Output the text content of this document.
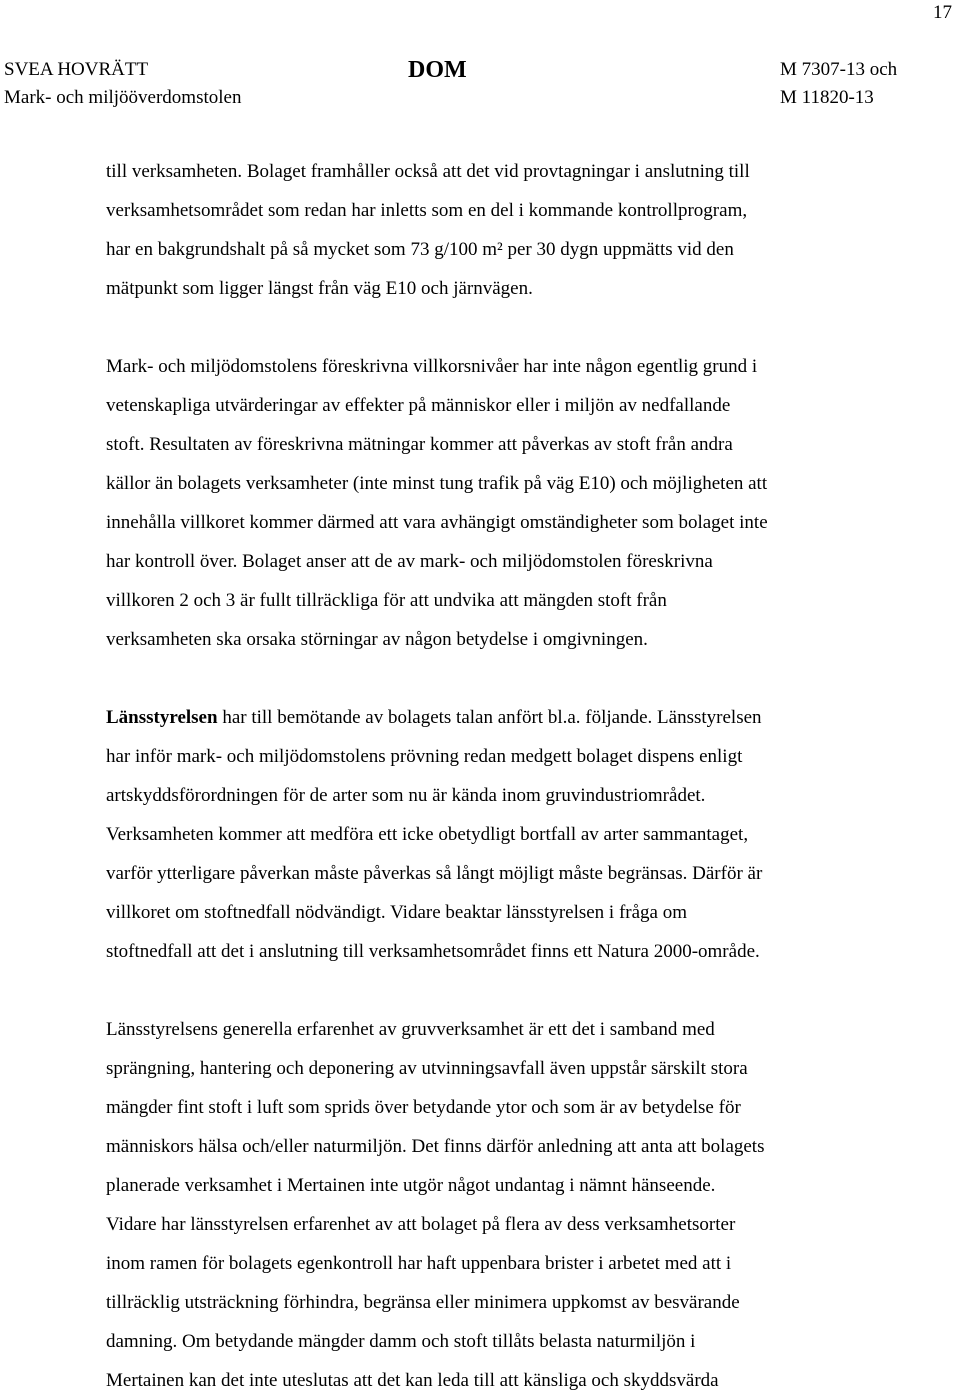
17
SVEA HOVRÄTT
Mark- och miljööverdomstolen
DOM	M 7307-13 och
M 11820-13

till verksamheten. Bolaget framhåller också att det vid provtagningar i anslutning till
verksamhetsområdet som redan har inletts som en del i kommande kontrollprogram,
har en bakgrundshalt på så mycket som 73 g/100 m² per 30 dygn uppmätts vid den
mätpunkt som ligger längst från väg E10 och järnvägen.

Mark- och miljödomstolens föreskrivna villkorsnivåer har inte någon egentlig grund i
vetenskapliga utvärderingar av effekter på människor eller i miljön av nedfallande
stoft. Resultaten av föreskrivna mätningar kommer att påverkas av stoft från andra
källor än bolagets verksamheter (inte minst tung trafik på väg E10) och möjligheten att
innehålla villkoret kommer därmed att vara avhängigt omständigheter som bolaget inte
har kontroll över. Bolaget anser att de av mark- och miljödomstolen föreskrivna
villkoren 2 och 3 är fullt tillräckliga för att undvika att mängden stoft från
verksamheten ska orsaka störningar av någon betydelse i omgivningen.

Länsstyrelsen har till bemötande av bolagets talan anfört bl.a. följande. Länsstyrelsen
har inför mark- och miljödomstolens prövning redan medgett bolaget dispens enligt
artskyddsförordningen för de arter som nu är kända inom gruvindustriområdet.
Verksamheten kommer att medföra ett icke obetydligt bortfall av arter sammantaget,
varför ytterligare påverkan måste påverkas så långt möjligt måste begränsas. Därför är
villkoret om stoftnedfall nödvändigt. Vidare beaktar länsstyrelsen i fråga om
stoftnedfall att det i anslutning till verksamhetsområdet finns ett Natura 2000-område.

Länsstyrelsens generella erfarenhet av gruvverksamhet är ett det i samband med
sprängning, hantering och deponering av utvinningsavfall även uppstår särskilt stora
mängder fint stoft i luft som sprids över betydande ytor och som är av betydelse för
människors hälsa och/eller naturmiljön. Det finns därför anledning att anta att bolagets
planerade verksamhet i Mertainen inte utgör något undantag i nämnt hänseende.
Vidare har länsstyrelsen erfarenhet av att bolaget på flera av dess verksamhetsorter
inom ramen för bolagets egenkontroll har haft uppenbara brister i arbetet med att i
tillräcklig utsträckning förhindra, begränsa eller minimera uppkomst av besvärande
damning. Om betydande mängder damm och stoft tillåts belasta naturmiljön i
Mertainen kan det inte uteslutas att det kan leda till att känsliga och skyddsvärda
